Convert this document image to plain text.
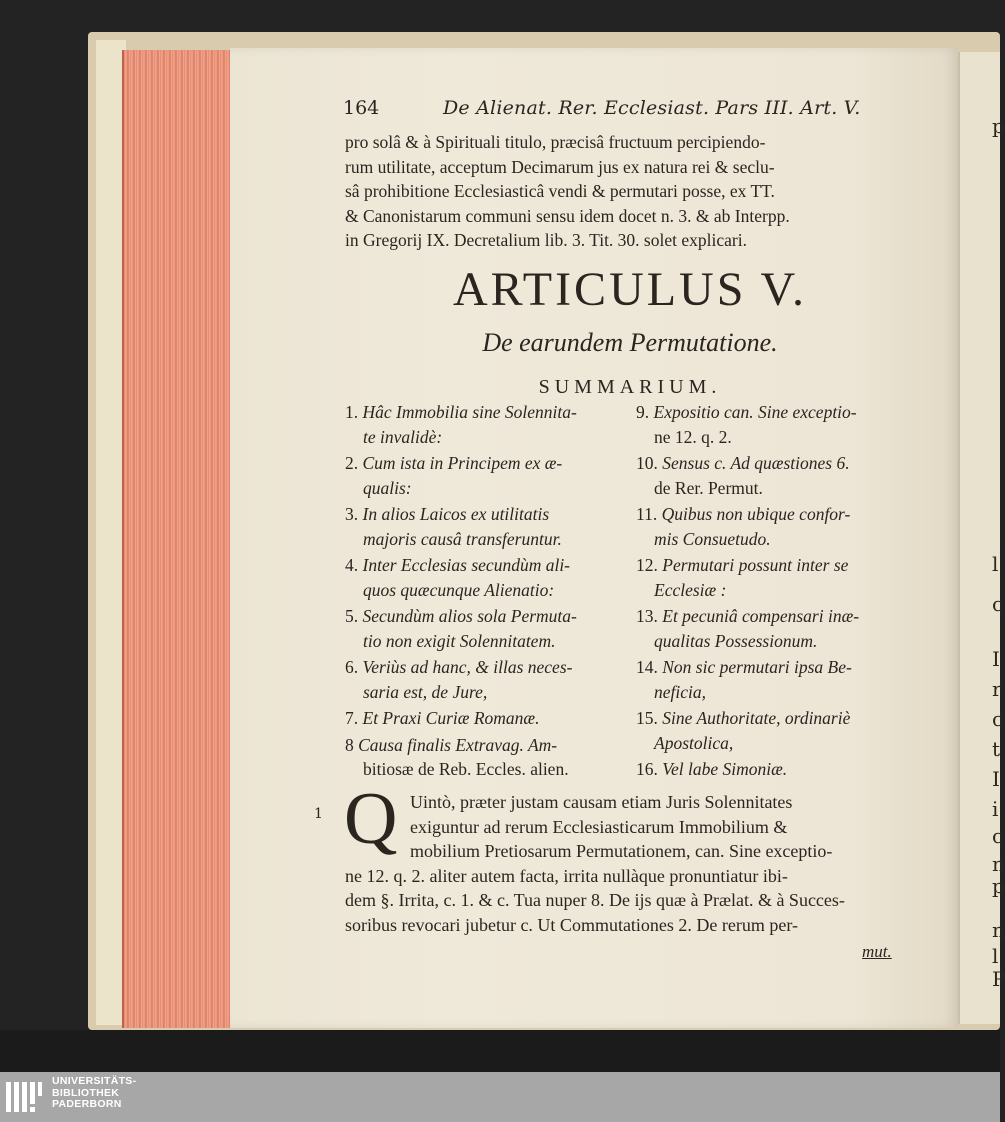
p
l
c
I
r
c
t
I
i
c
n
p
n
l
P
164	De Alienat. Rer. Ecclesiast. Pars III. Art. V.
pro solâ & à Spirituali titulo, præcisâ fructuum percipiendo-
rum utilitate, acceptum Decimarum jus ex natura rei & seclu-
sâ prohibitione Ecclesiasticâ vendi & permutari posse, ex TT.
& Canonistarum communi sensu idem docet n. 3. & ab Interpp.
in Gregorij IX. Decretalium lib. 3. Tit. 30. solet explicari.
ARTICULUS V.
De earundem Permutatione.
SUMMARIUM.
1. Hâc Immobilia sine Solennita-
te invalidè:
2. Cum ista in Principem ex æ-
qualis:
3. In alios Laicos ex utilitatis
majoris causâ transferuntur.
4. Inter Ecclesias secundùm ali-
quos quæcunque Alienatio:
5. Secundùm alios sola Permuta-
tio non exigit Solennitatem.
6. Veriùs ad hanc, & illas neces-
saria est, de Jure,
7. Et Praxi Curiæ Romanæ.
8 Causa finalis Extravag. Am-
bitiosæ de Reb. Eccles. alien.
9. Expositio can. Sine exceptio-
ne 12. q. 2.
10. Sensus c. Ad quæstiones 6.
de Rer. Permut.
11. Quibus non ubique confor-
mis Consuetudo.
12. Permutari possunt inter se
Ecclesiæ :
13. Et pecuniâ compensari inæ-
qualitas Possessionum.
14. Non sic permutari ipsa Be-
neficia,
15. Sine Authoritate, ordinariè
Apostolica,
16. Vel labe Simoniæ.
1 Q Uintò, præter justam causam etiam Juris Solennitates
exiguntur ad rerum Ecclesiasticarum Immobilium &
mobilium Pretiosarum Permutationem, can. Sine exceptio-
ne 12. q. 2. aliter autem facta, irrita nullàque pronuntiatur ibi-
dem §. Irrita, c. 1. & c. Tua nuper 8. De ijs quæ à Prælat. & à Succes-
soribus revocari jubetur c. Ut Commutationes 2. De rerum per-
mut.
UNIVERSITÄTS-
BIBLIOTHEK
PADERBORN
